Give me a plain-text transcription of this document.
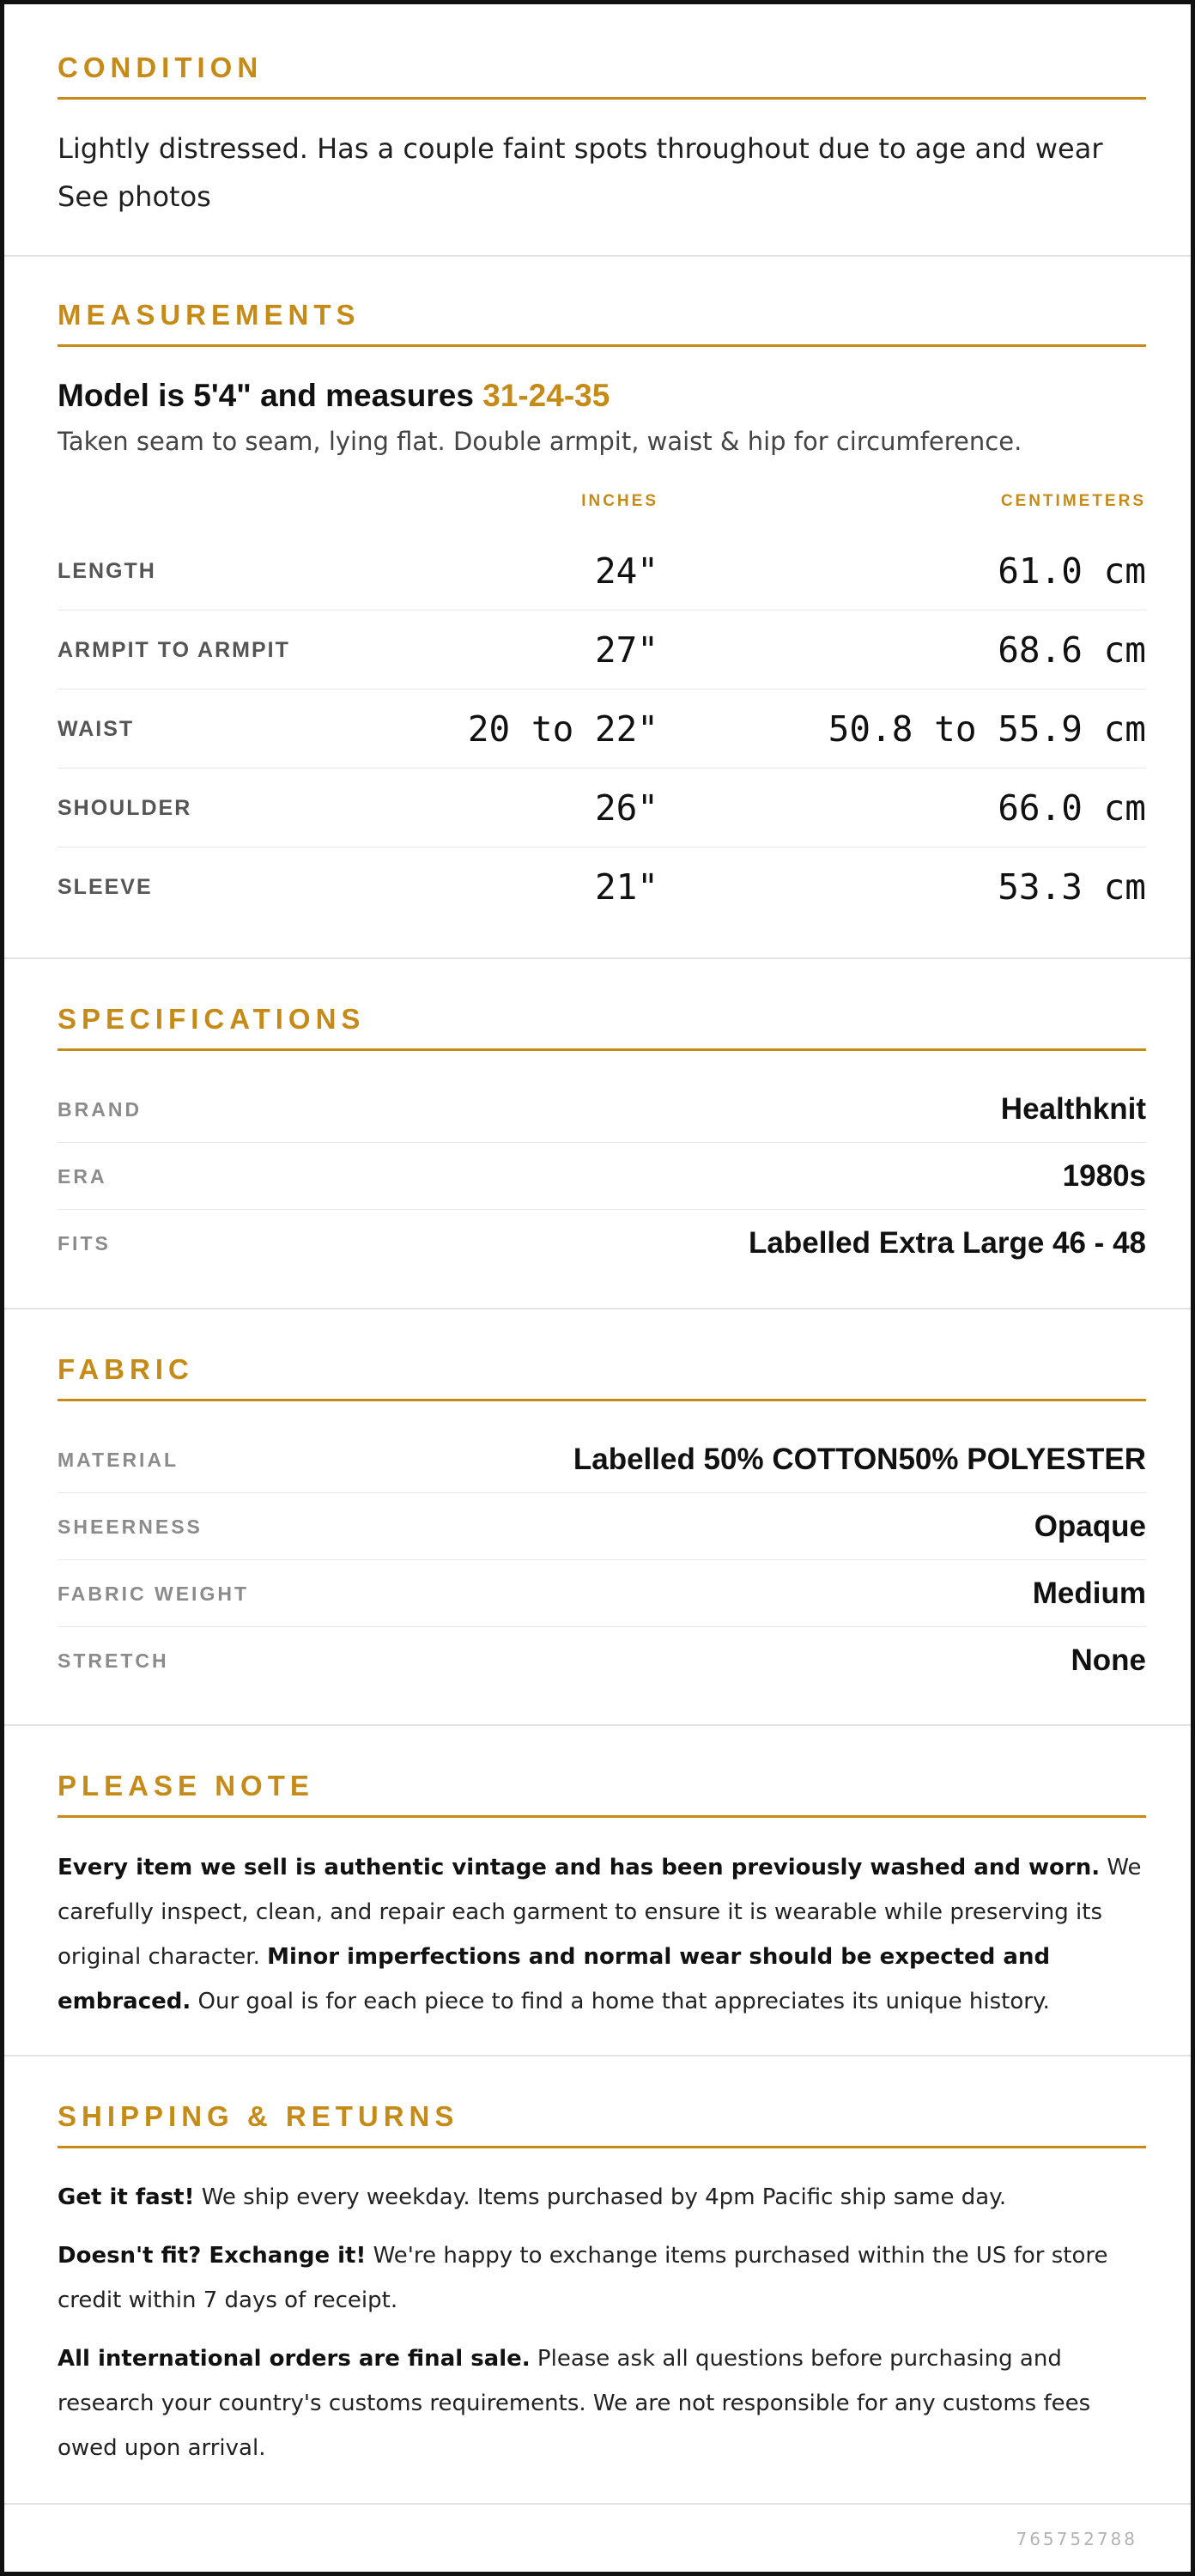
CONDITION
Lightly distressed. Has a couple faint spots throughout due to age and wear See photos
MEASUREMENTS
Model is 5'4" and measures 31-24-35
Taken seam to seam, lying flat. Double armpit, waist & hip for circumference.
INCHES	CENTIMETERS
LENGTH	24"	61.0 cm
ARMPIT TO ARMPIT	27"	68.6 cm
WAIST	20 to 22"	50.8 to 55.9 cm
SHOULDER	26"	66.0 cm
SLEEVE	21"	53.3 cm
SPECIFICATIONS
BRAND	Healthknit
ERA	1980s
FITS	Labelled Extra Large 46 - 48
FABRIC
MATERIAL	Labelled 50% COTTON50% POLYESTER
SHEERNESS	Opaque
FABRIC WEIGHT	Medium
STRETCH	None
PLEASE NOTE
Every item we sell is authentic vintage and has been previously washed and worn. We carefully inspect, clean, and repair each garment to ensure it is wearable while preserving its original character. Minor imperfections and normal wear should be expected and embraced. Our goal is for each piece to find a home that appreciates its unique history.
SHIPPING & RETURNS
Get it fast! We ship every weekday. Items purchased by 4pm Pacific ship same day.
Doesn't fit? Exchange it! We're happy to exchange items purchased within the US for store credit within 7 days of receipt.
All international orders are final sale. Please ask all questions before purchasing and research your country's customs requirements. We are not responsible for any customs fees owed upon arrival.
765752788
